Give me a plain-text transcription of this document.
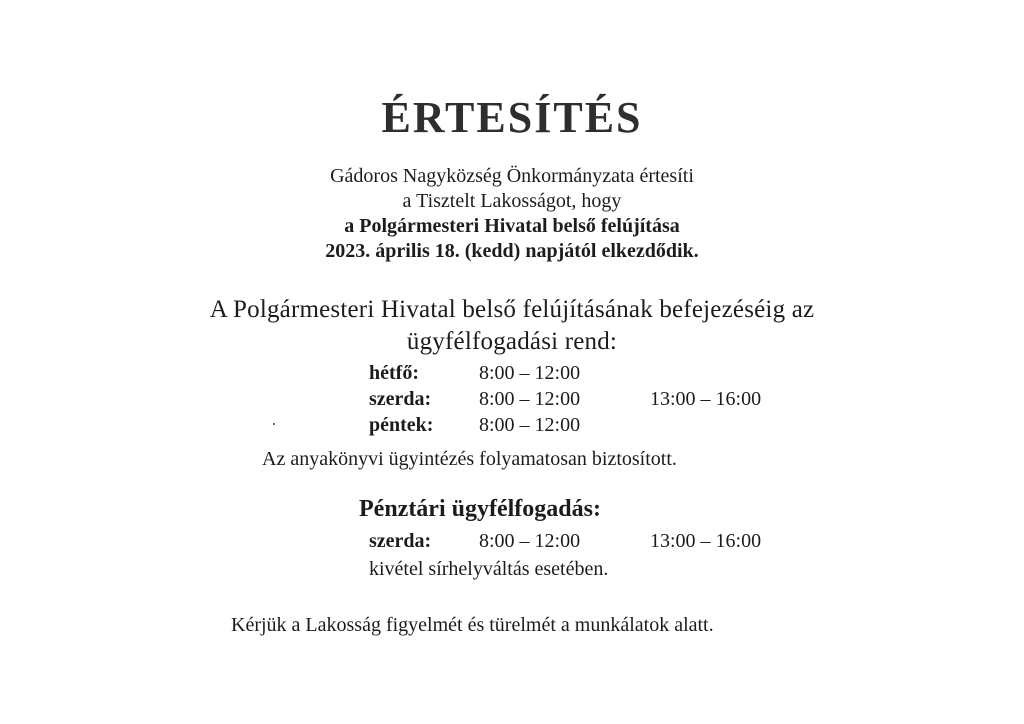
ÉRTESÍTÉS
Gádoros Nagyközség Önkormányzata értesíti
a Tisztelt Lakosságot, hogy
a Polgármesteri Hivatal belső felújítása
2023. április 18. (kedd) napjától elkezdődik.
A Polgármesteri Hivatal belső felújításának befejezéséig az
ügyfélfogadási rend:
hétfő:	8:00 – 12:00
szerda: 8:00 – 12:00	13:00 – 16:00
péntek: 8:00 – 12:00
Az anyakönyvi ügyintézés folyamatosan biztosított.
Pénztári ügyfélfogadás:
szerda: 8:00 – 12:00	13:00 – 16:00
kivétel sírhelyváltás esetében.
Kérjük a Lakosság figyelmét és türelmét a munkálatok alatt.
